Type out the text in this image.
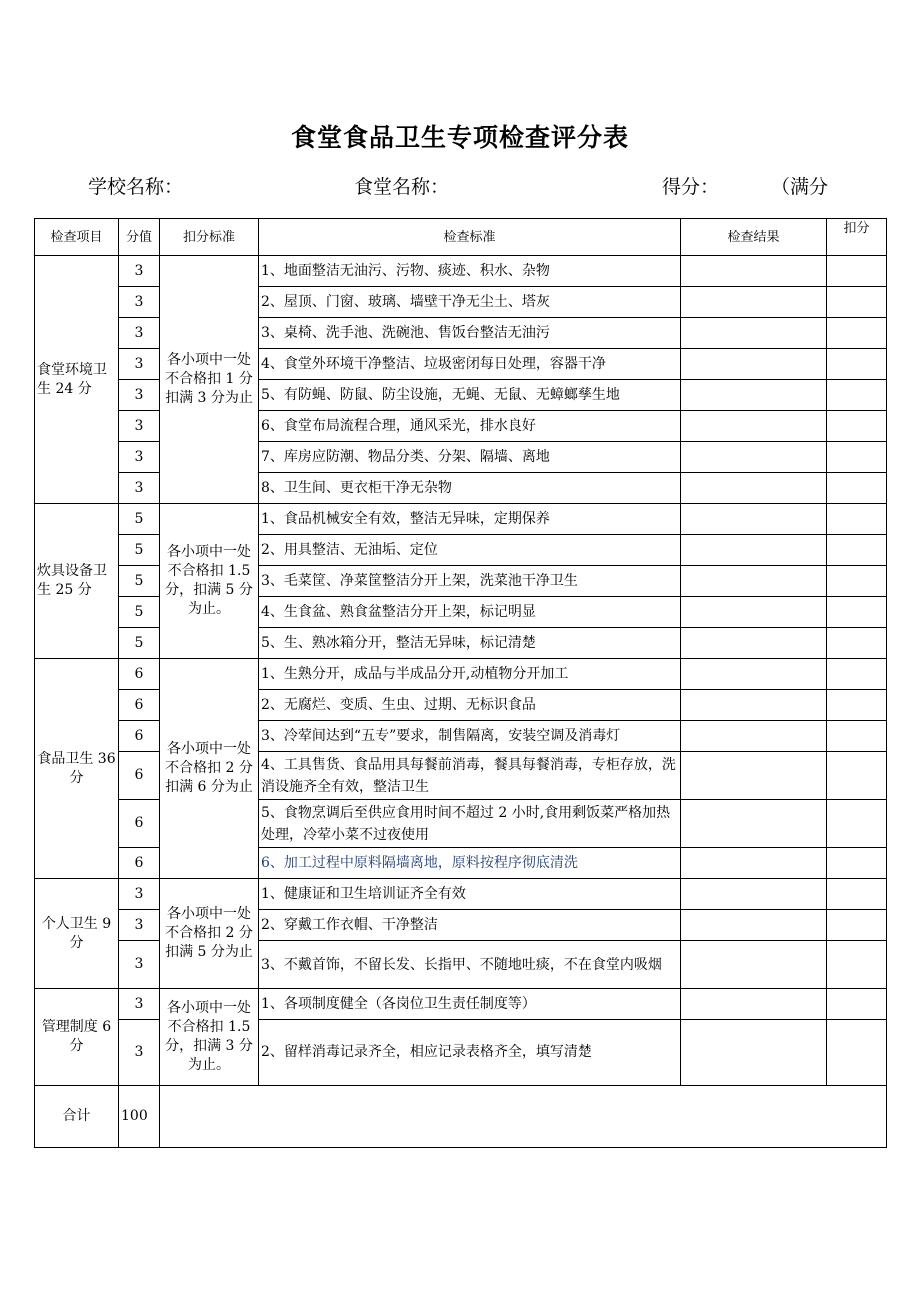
食堂食品卫生专项检查评分表
学校名称：	食堂名称：	得分：	（满分
检查项目	分值	扣分标准	检查标准	检查结果	扣分
食堂环境卫生 24 分	3	各小项中一处不合格扣 1 分扣满 3 分为止	1、地面整洁无油污、污物、痰迹、积水、杂物		
	3		2、屋顶、门窗、玻璃、墙壁干净无尘土、塔灰		
	3		3、桌椅、洗手池、洗碗池、售饭台整洁无油污		
	3		4、食堂外环境干净整洁、垃圾密闭每日处理，容器干净		
	3		5、有防蝇、防鼠、防尘设施，无蝇、无鼠、无蟑螂孳生地		
	3		6、食堂布局流程合理，通风采光，排水良好		
	3		7、库房应防潮、物品分类、分架、隔墙、离地		
	3		8、卫生间、更衣柜干净无杂物		
炊具设备卫生 25 分	5	各小项中一处不合格扣 1.5 分，扣满 5 分为止。	1、食品机械安全有效，整洁无异味，定期保养		
	5		2、用具整洁、无油垢、定位		
	5		3、毛菜筐、净菜筐整洁分开上架，洗菜池干净卫生		
	5		4、生食盆、熟食盆整洁分开上架，标记明显		
	5		5、生、熟冰箱分开，整洁无异味，标记清楚		
食品卫生 36 分	6	各小项中一处不合格扣 2 分扣满 6 分为止	1、生熟分开，成品与半成品分开,动植物分开加工		
	6		2、无腐烂、变质、生虫、过期、无标识食品		
	6		3、冷荤间达到“五专”要求，制售隔离，安装空调及消毒灯		
	6		4、工具售货、食品用具每餐前消毒，餐具每餐消毒，专柜存放，洗消设施齐全有效，整洁卫生		
	6		5、食物烹调后至供应食用时间不超过 2 小时,食用剩饭菜严格加热处理，冷荤小菜不过夜使用		
	6		6、加工过程中原料隔墙离地，原料按程序彻底清洗		
个人卫生 9 分	3	各小项中一处不合格扣 2 分扣满 5 分为止	1、健康证和卫生培训证齐全有效		
	3		2、穿戴工作衣帽、干净整洁		
	3		3、不戴首饰，不留长发、长指甲、不随地吐痰，不在食堂内吸烟		
管理制度 6 分	3	各小项中一处不合格扣 1.5 分，扣满 3 分为止。	1、各项制度健全（各岗位卫生责任制度等）		
	3		2、留样消毒记录齐全，相应记录表格齐全，填写清楚		
合计	100				
